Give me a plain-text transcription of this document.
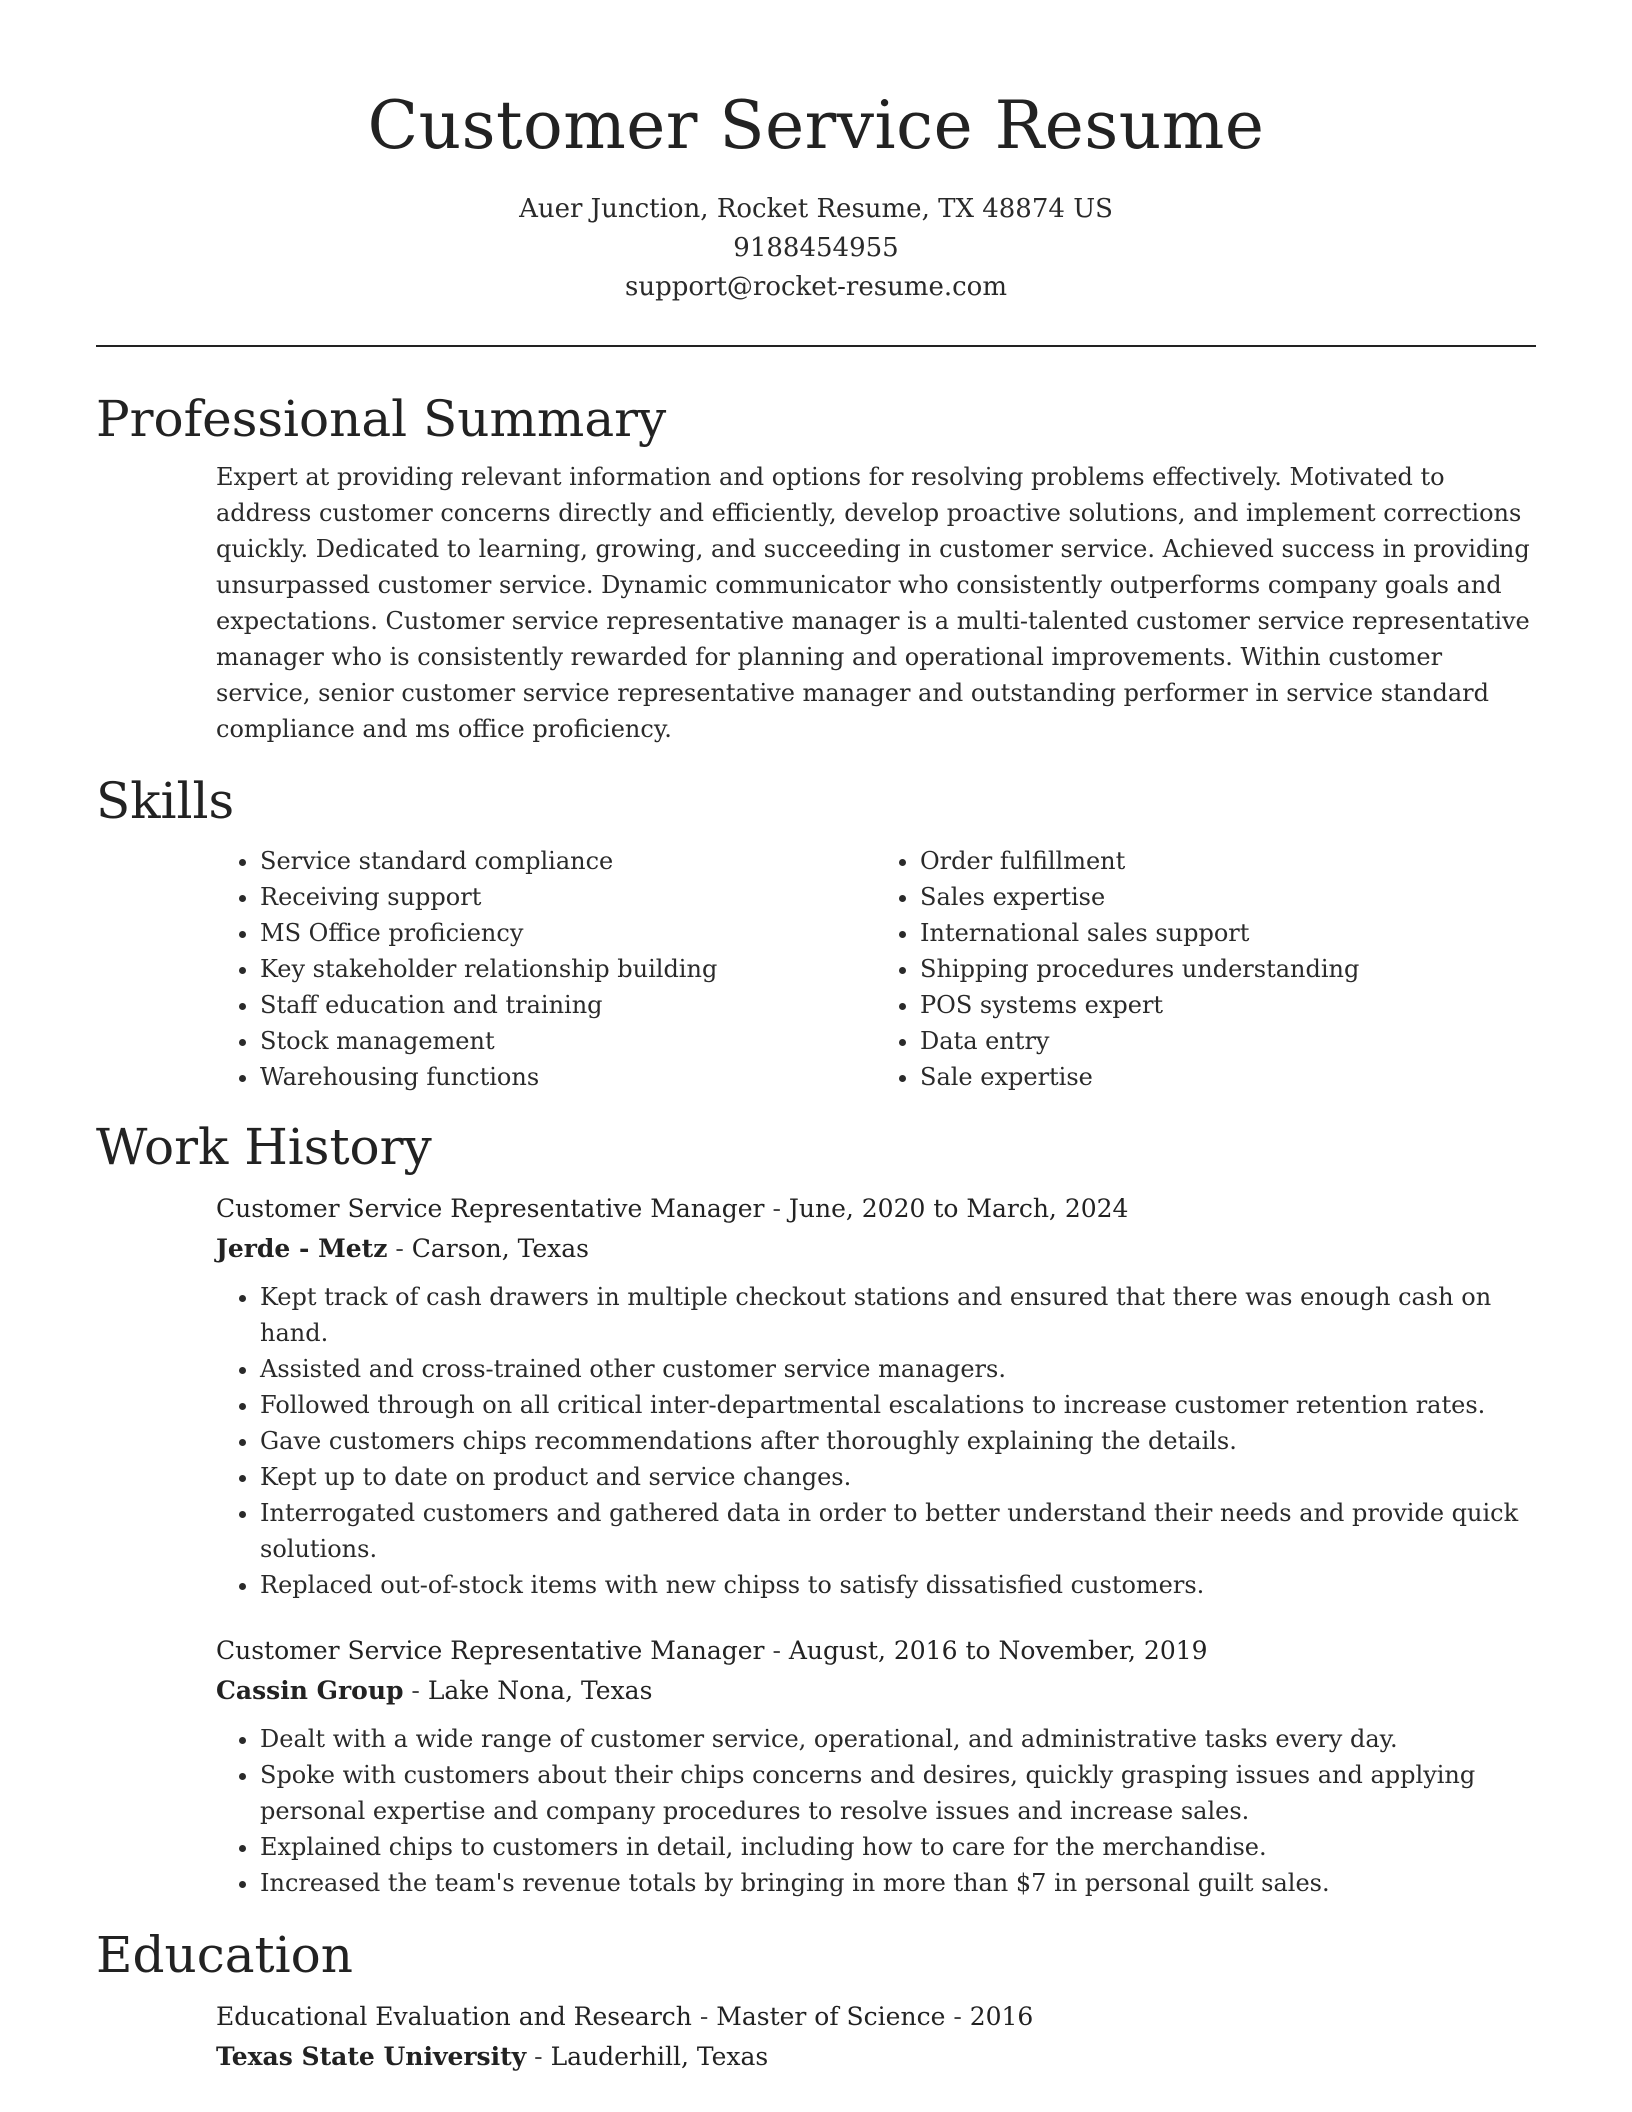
Customer Service Resume
Auer Junction, Rocket Resume, TX 48874 US
9188454955
support@rocket-resume.com
Professional Summary

Expert at providing relevant information and options for resolving problems effectively. Motivated to address customer concerns directly and efficiently, develop proactive solutions, and implement corrections quickly. Dedicated to learning, growing, and succeeding in customer service. Achieved success in providing unsurpassed customer service. Dynamic communicator who consistently outperforms company goals and expectations. Customer service representative manager is a multi-talented customer service representative manager who is consistently rewarded for planning and operational improvements. Within customer service, senior customer service representative manager and outstanding performer in service standard compliance and ms office proficiency.

Skills
• Service standard compliance
• Receiving support
• MS Office proficiency
• Key stakeholder relationship building
• Staff education and training
• Stock management
• Warehousing functions
• Order fulfillment
• Sales expertise
• International sales support
• Shipping procedures understanding
• POS systems expert
• Data entry
• Sale expertise
Work History
Customer Service Representative Manager - June, 2020 to March, 2024
Jerde - Metz - Carson, Texas
• Kept track of cash drawers in multiple checkout stations and ensured that there was enough cash on hand.
• Assisted and cross-trained other customer service managers.
• Followed through on all critical inter-departmental escalations to increase customer retention rates.
• Gave customers chips recommendations after thoroughly explaining the details.
• Kept up to date on product and service changes.
• Interrogated customers and gathered data in order to better understand their needs and provide quick solutions.
• Replaced out-of-stock items with new chipss to satisfy dissatisfied customers.
Customer Service Representative Manager - August, 2016 to November, 2019
Cassin Group - Lake Nona, Texas
• Dealt with a wide range of customer service, operational, and administrative tasks every day.
• Spoke with customers about their chips concerns and desires, quickly grasping issues and applying personal expertise and company procedures to resolve issues and increase sales.
• Explained chips to customers in detail, including how to care for the merchandise.
• Increased the team's revenue totals by bringing in more than $7 in personal guilt sales.
Education
Educational Evaluation and Research - Master of Science - 2016
Texas State University - Lauderhill, Texas
